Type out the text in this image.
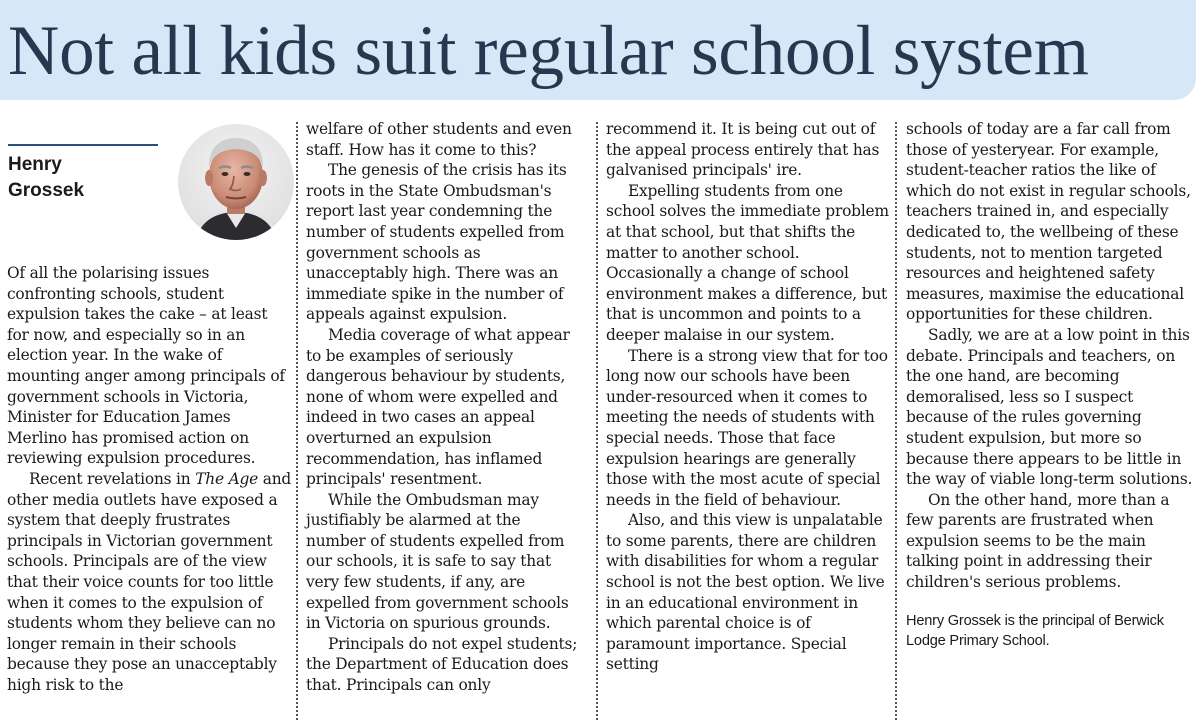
Not all kids suit regular school system
Henry
Grossek

Of all the polarising issues confronting schools, student expulsion takes the cake – at least for now, and especially so in an election year. In the wake of mounting anger among principals of government schools in Victoria, Minister for Education James Merlino has promised action on reviewing expulsion procedures.

Recent revelations in The Age and other media outlets have exposed a system that deeply frustrates principals in Victorian government schools. Principals are of the view that their voice counts for too little when it comes to the expulsion of students whom they believe can no longer remain in their schools because they pose an unacceptably high risk to the

welfare of other students and even staff. How has it come to this?

The genesis of the crisis has its roots in the State Ombudsman's report last year condemning the number of students expelled from government schools as unacceptably high. There was an immediate spike in the number of appeals against expulsion.

Media coverage of what appear to be examples of seriously dangerous behaviour by students, none of whom were expelled and indeed in two cases an appeal overturned an expulsion recommendation, has inflamed principals' resentment.

While the Ombudsman may justifiably be alarmed at the number of students expelled from our schools, it is safe to say that very few students, if any, are expelled from government schools in Victoria on spurious grounds.

Principals do not expel students; the Department of Education does that. Principals can only

recommend it. It is being cut out of the appeal process entirely that has galvanised principals' ire.

Expelling students from one school solves the immediate problem at that school, but that shifts the matter to another school. Occasionally a change of school environment makes a difference, but that is uncommon and points to a deeper malaise in our system.

There is a strong view that for too long now our schools have been under-resourced when it comes to meeting the needs of students with special needs. Those that face expulsion hearings are generally those with the most acute of special needs in the field of behaviour.

Also, and this view is unpalatable to some parents, there are children with disabilities for whom a regular school is not the best option. We live in an educational environment in which parental choice is of paramount importance. Special setting

schools of today are a far call from those of yesteryear. For example, student-teacher ratios the like of which do not exist in regular schools, teachers trained in, and especially dedicated to, the wellbeing of these students, not to mention targeted resources and heightened safety measures, maximise the educational opportunities for these children.

Sadly, we are at a low point in this debate. Principals and teachers, on the one hand, are becoming demoralised, less so I suspect because of the rules governing student expulsion, but more so because there appears to be little in the way of viable long-term solutions.

On the other hand, more than a few parents are frustrated when expulsion seems to be the main talking point in addressing their children's serious problems.

Henry Grossek is the principal of Berwick Lodge Primary School.
